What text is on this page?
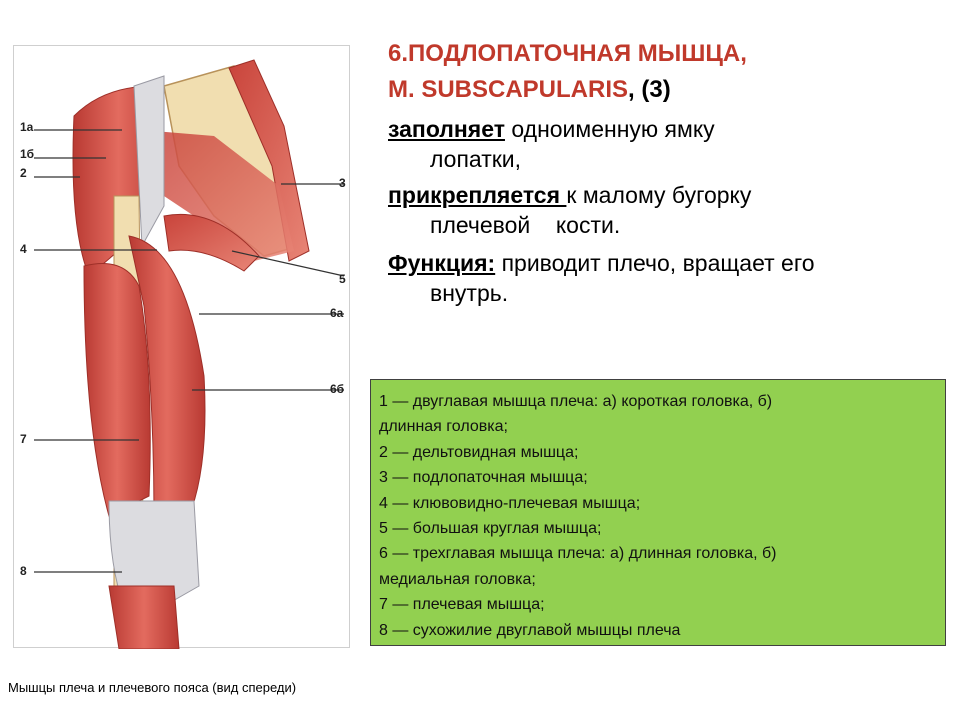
1а
1б
2
4
7
8
3
5
6а
6б
Мышцы плеча и плечевого пояса (вид спереди)
6.ПОДЛОПАТОЧНАЯ МЫШЦА,
M. SUBSCAPULARIS, (3)
заполняет одноименную ямку
лопатки,
прикрепляется к малому бугорку
плечевой    кости.
Функция: приводит плечо, вращает его
внутрь.
1 — двуглавая мышца плеча: а) короткая головка, б)
длинная головка;
2 — дельтовидная мышца;
3 — подлопаточная мышца;
4 — клювовидно-плечевая мышца;
5 — большая круглая мышца;
6 — трехглавая мышца плеча: а) длинная головка, б)
медиальная головка;
7 — плечевая мышца;
8 — сухожилие двуглавой мышцы плеча
